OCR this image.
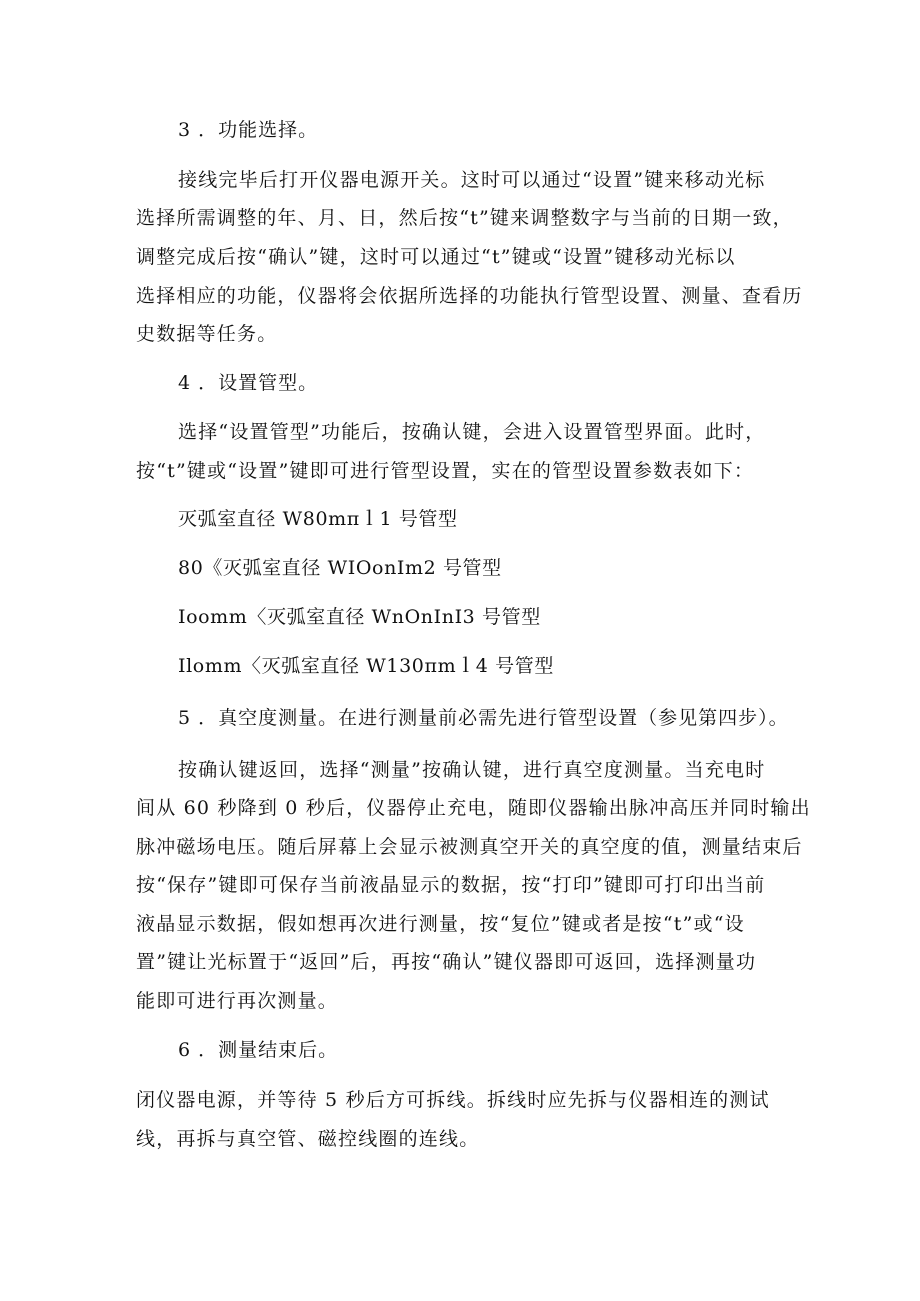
3 ．功能选择。
接线完毕后打开仪器电源开关。这时可以通过“设置”键来移动光标
选择所需调整的年、月、日，然后按“t”键来调整数字与当前的日期一致，
调整完成后按“确认”键，这时可以通过“t”键或“设置”键移动光标以
选择相应的功能，仪器将会依据所选择的功能执行管型设置、测量、查看历
史数据等任务。
4 ．设置管型。
选择“设置管型”功能后，按确认键，会进入设置管型界面。此时，
按“t”键或“设置”键即可进行管型设置，实在的管型设置参数表如下：
灭弧室直径 W80mπｌ1 号管型
80《灭弧室直径 WIOonIm2 号管型
Ioomm〈灭弧室直径 WnOnInI3 号管型
Ilomm〈灭弧室直径 W130πmｌ4 号管型
5 ．真空度测量。在进行测量前必需先进行管型设置（参见第四步）。
按确认键返回，选择“测量”按确认键，进行真空度测量。当充电时
间从 60 秒降到 0 秒后，仪器停止充电，随即仪器输出脉冲高压并同时输出
脉冲磁场电压。随后屏幕上会显示被测真空开关的真空度的值，测量结束后
按“保存”键即可保存当前液晶显示的数据，按“打印”键即可打印出当前
液晶显示数据，假如想再次进行测量，按“复位”键或者是按“t”或“设
置”键让光标置于“返回”后，再按“确认”键仪器即可返回，选择测量功
能即可进行再次测量。
6 ．测量结束后。
闭仪器电源，并等待 5 秒后方可拆线。拆线时应先拆与仪器相连的测试
线，再拆与真空管、磁控线圈的连线。
